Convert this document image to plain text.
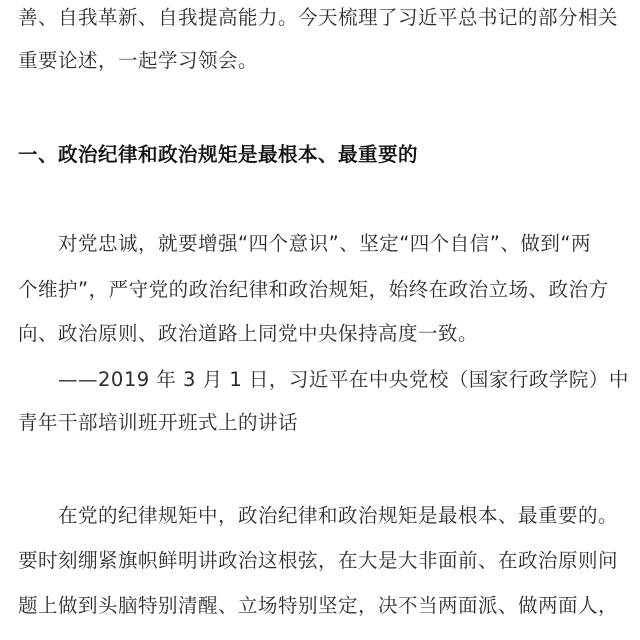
善、自我革新、自我提高能力。今天梳理了习近平总书记的部分相关
重要论述，一起学习领会。
一、政治纪律和政治规矩是最根本、最重要的
对党忠诚，就要增强“四个意识”、坚定“四个自信”、做到“两
个维护”，严守党的政治纪律和政治规矩，始终在政治立场、政治方
向、政治原则、政治道路上同党中央保持高度一致。
——2019 年 3 月 1 日，习近平在中央党校（国家行政学院）中
青年干部培训班开班式上的讲话
在党的纪律规矩中，政治纪律和政治规矩是最根本、最重要的。
要时刻绷紧旗帜鲜明讲政治这根弦，在大是大非面前、在政治原则问
题上做到头脑特别清醒、立场特别坚定，决不当两面派、做两面人，
